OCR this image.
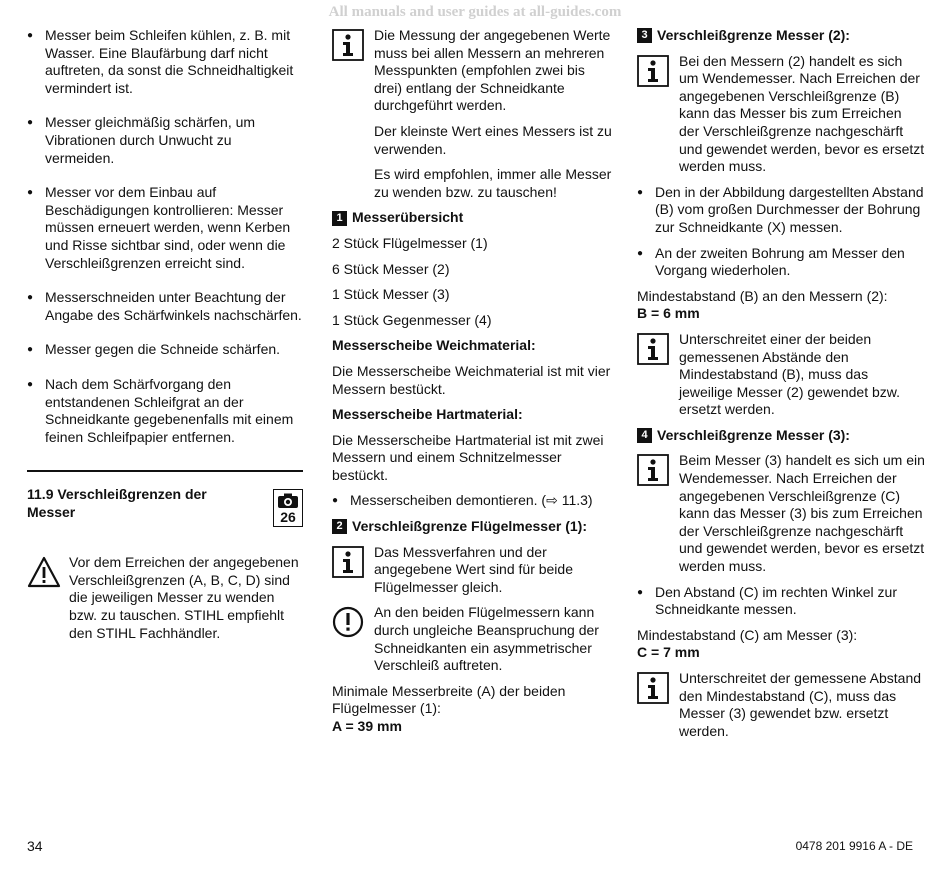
All manuals and user guides at all-guides.com
● Messer beim Schleifen kühlen, z. B. mit Wasser. Eine Blaufärbung darf nicht auftreten, da sonst die Schneidhaltigkeit vermindert ist.
● Messer gleichmäßig schärfen, um Vibrationen durch Unwucht zu vermeiden.
● Messer vor dem Einbau auf Beschädigungen kontrollieren: Messer müssen erneuert werden, wenn Kerben und Risse sichtbar sind, oder wenn die Verschleißgrenzen erreicht sind.
● Messerschneiden unter Beachtung der Angabe des Schärfwinkels nachschärfen.
● Messer gegen die Schneide schärfen.
● Nach dem Schärfvorgang den entstandenen Schleifgrat an der Schneidkante gegebenenfalls mit einem feinen Schleifpapier entfernen.
11.9 Verschleißgrenzen der Messer	26

Vor dem Erreichen der angegebenen Verschleißgrenzen (A, B, C, D) sind die jeweiligen Messer zu wenden bzw. zu tauschen. STIHL empfiehlt den STIHL Fachhändler.

Die Messung der angegebenen Werte muss bei allen Messern an mehreren Messpunkten (empfohlen zwei bis drei) entlang der Schneidkante durchgeführt werden.

Der kleinste Wert eines Messers ist zu verwenden.

Es wird empfohlen, immer alle Messer zu wenden bzw. zu tauschen!

1 Messerübersicht

2 Stück Flügelmesser (1)

6 Stück Messer (2)

1 Stück Messer (3)

1 Stück Gegenmesser (4)

Messerscheibe Weichmaterial:

Die Messerscheibe Weichmaterial ist mit vier Messern bestückt.

Messerscheibe Hartmaterial:

Die Messerscheibe Hartmaterial ist mit zwei Messern und einem Schnitzelmesser bestückt.

● Messerscheiben demontieren. (⇨ 11.3)
2 Verschleißgrenze Flügelmesser (1):

Das Messverfahren und der angegebene Wert sind für beide Flügelmesser gleich.

An den beiden Flügelmessern kann durch ungleiche Beanspruchung der Schneidkanten ein asymmetrischer Verschleiß auftreten.

Minimale Messerbreite (A) der beiden Flügelmesser (1):
A = 39 mm

3 Verschleißgrenze Messer (2):

Bei den Messern (2) handelt es sich um Wendemesser. Nach Erreichen der angegebenen Verschleißgrenze (B) kann das Messer bis zum Erreichen der Verschleißgrenze nachgeschärft und gewendet werden, bevor es ersetzt werden muss.

● Den in der Abbildung dargestellten Abstand (B) vom großen Durchmesser der Bohrung zur Schneidkante (X) messen.
● An der zweiten Bohrung am Messer den Vorgang wiederholen.

Mindestabstand (B) an den Messern (2):
B = 6 mm

Unterschreitet einer der beiden gemessenen Abstände den Mindestabstand (B), muss das jeweilige Messer (2) gewendet bzw. ersetzt werden.

4 Verschleißgrenze Messer (3):

Beim Messer (3) handelt es sich um ein Wendemesser. Nach Erreichen der angegebenen Verschleißgrenze (C) kann das Messer (3) bis zum Erreichen der Verschleißgrenze nachgeschärft und gewendet werden, bevor es ersetzt werden muss.

● Den Abstand (C) im rechten Winkel zur Schneidkante messen.

Mindestabstand (C) am Messer (3):
C = 7 mm

Unterschreitet der gemessene Abstand den Mindestabstand (C), muss das Messer (3) gewendet bzw. ersetzt werden.

34	0478 201 9916 A - DE
